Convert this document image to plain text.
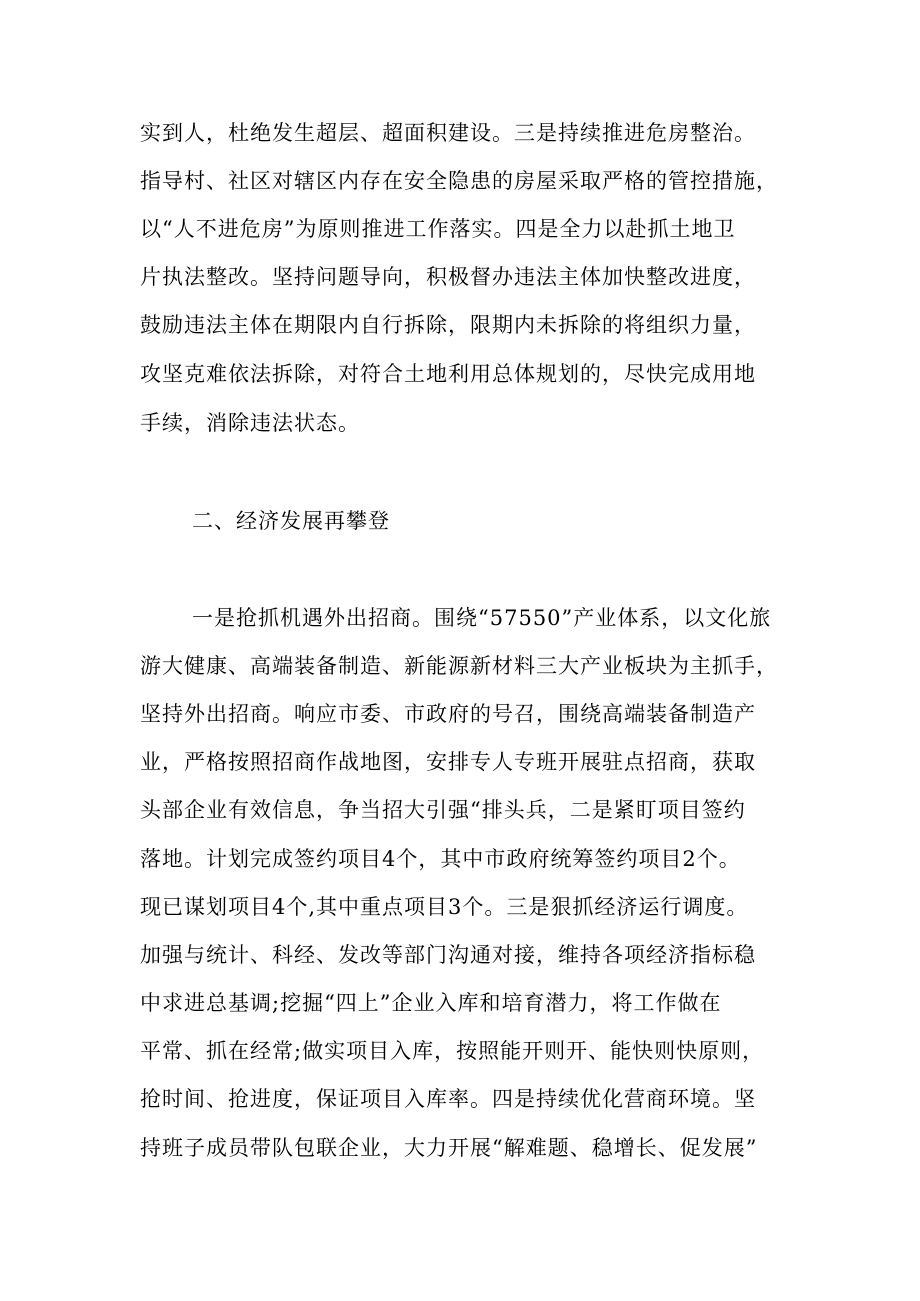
实到人，杜绝发生超层、超面积建设。三是持续推进危房整治。
指导村、社区对辖区内存在安全隐患的房屋采取严格的管控措施，
以“人不进危房”为原则推进工作落实。四是全力以赴抓土地卫
片执法整改。坚持问题导向，积极督办违法主体加快整改进度，
鼓励违法主体在期限内自行拆除，限期内未拆除的将组织力量，
攻坚克难依法拆除，对符合土地利用总体规划的，尽快完成用地
手续，消除违法状态。
二、经济发展再攀登
一是抢抓机遇外出招商。围绕“57550”产业体系，以文化旅
游大健康、高端装备制造、新能源新材料三大产业板块为主抓手，
坚持外出招商。响应市委、市政府的号召，围绕高端装备制造产
业，严格按照招商作战地图，安排专人专班开展驻点招商，获取
头部企业有效信息，争当招大引强“排头兵，二是紧盯项目签约
落地。计划完成签约项目4个，其中市政府统筹签约项目2个。
现已谋划项目4个,其中重点项目3个。三是狠抓经济运行调度。
加强与统计、科经、发改等部门沟通对接，维持各项经济指标稳
中求进总基调;挖掘“四上”企业入库和培育潜力，将工作做在
平常、抓在经常;做实项目入库，按照能开则开、能快则快原则，
抢时间、抢进度，保证项目入库率。四是持续优化营商环境。坚
持班子成员带队包联企业，大力开展“解难题、稳增长、促发展”
